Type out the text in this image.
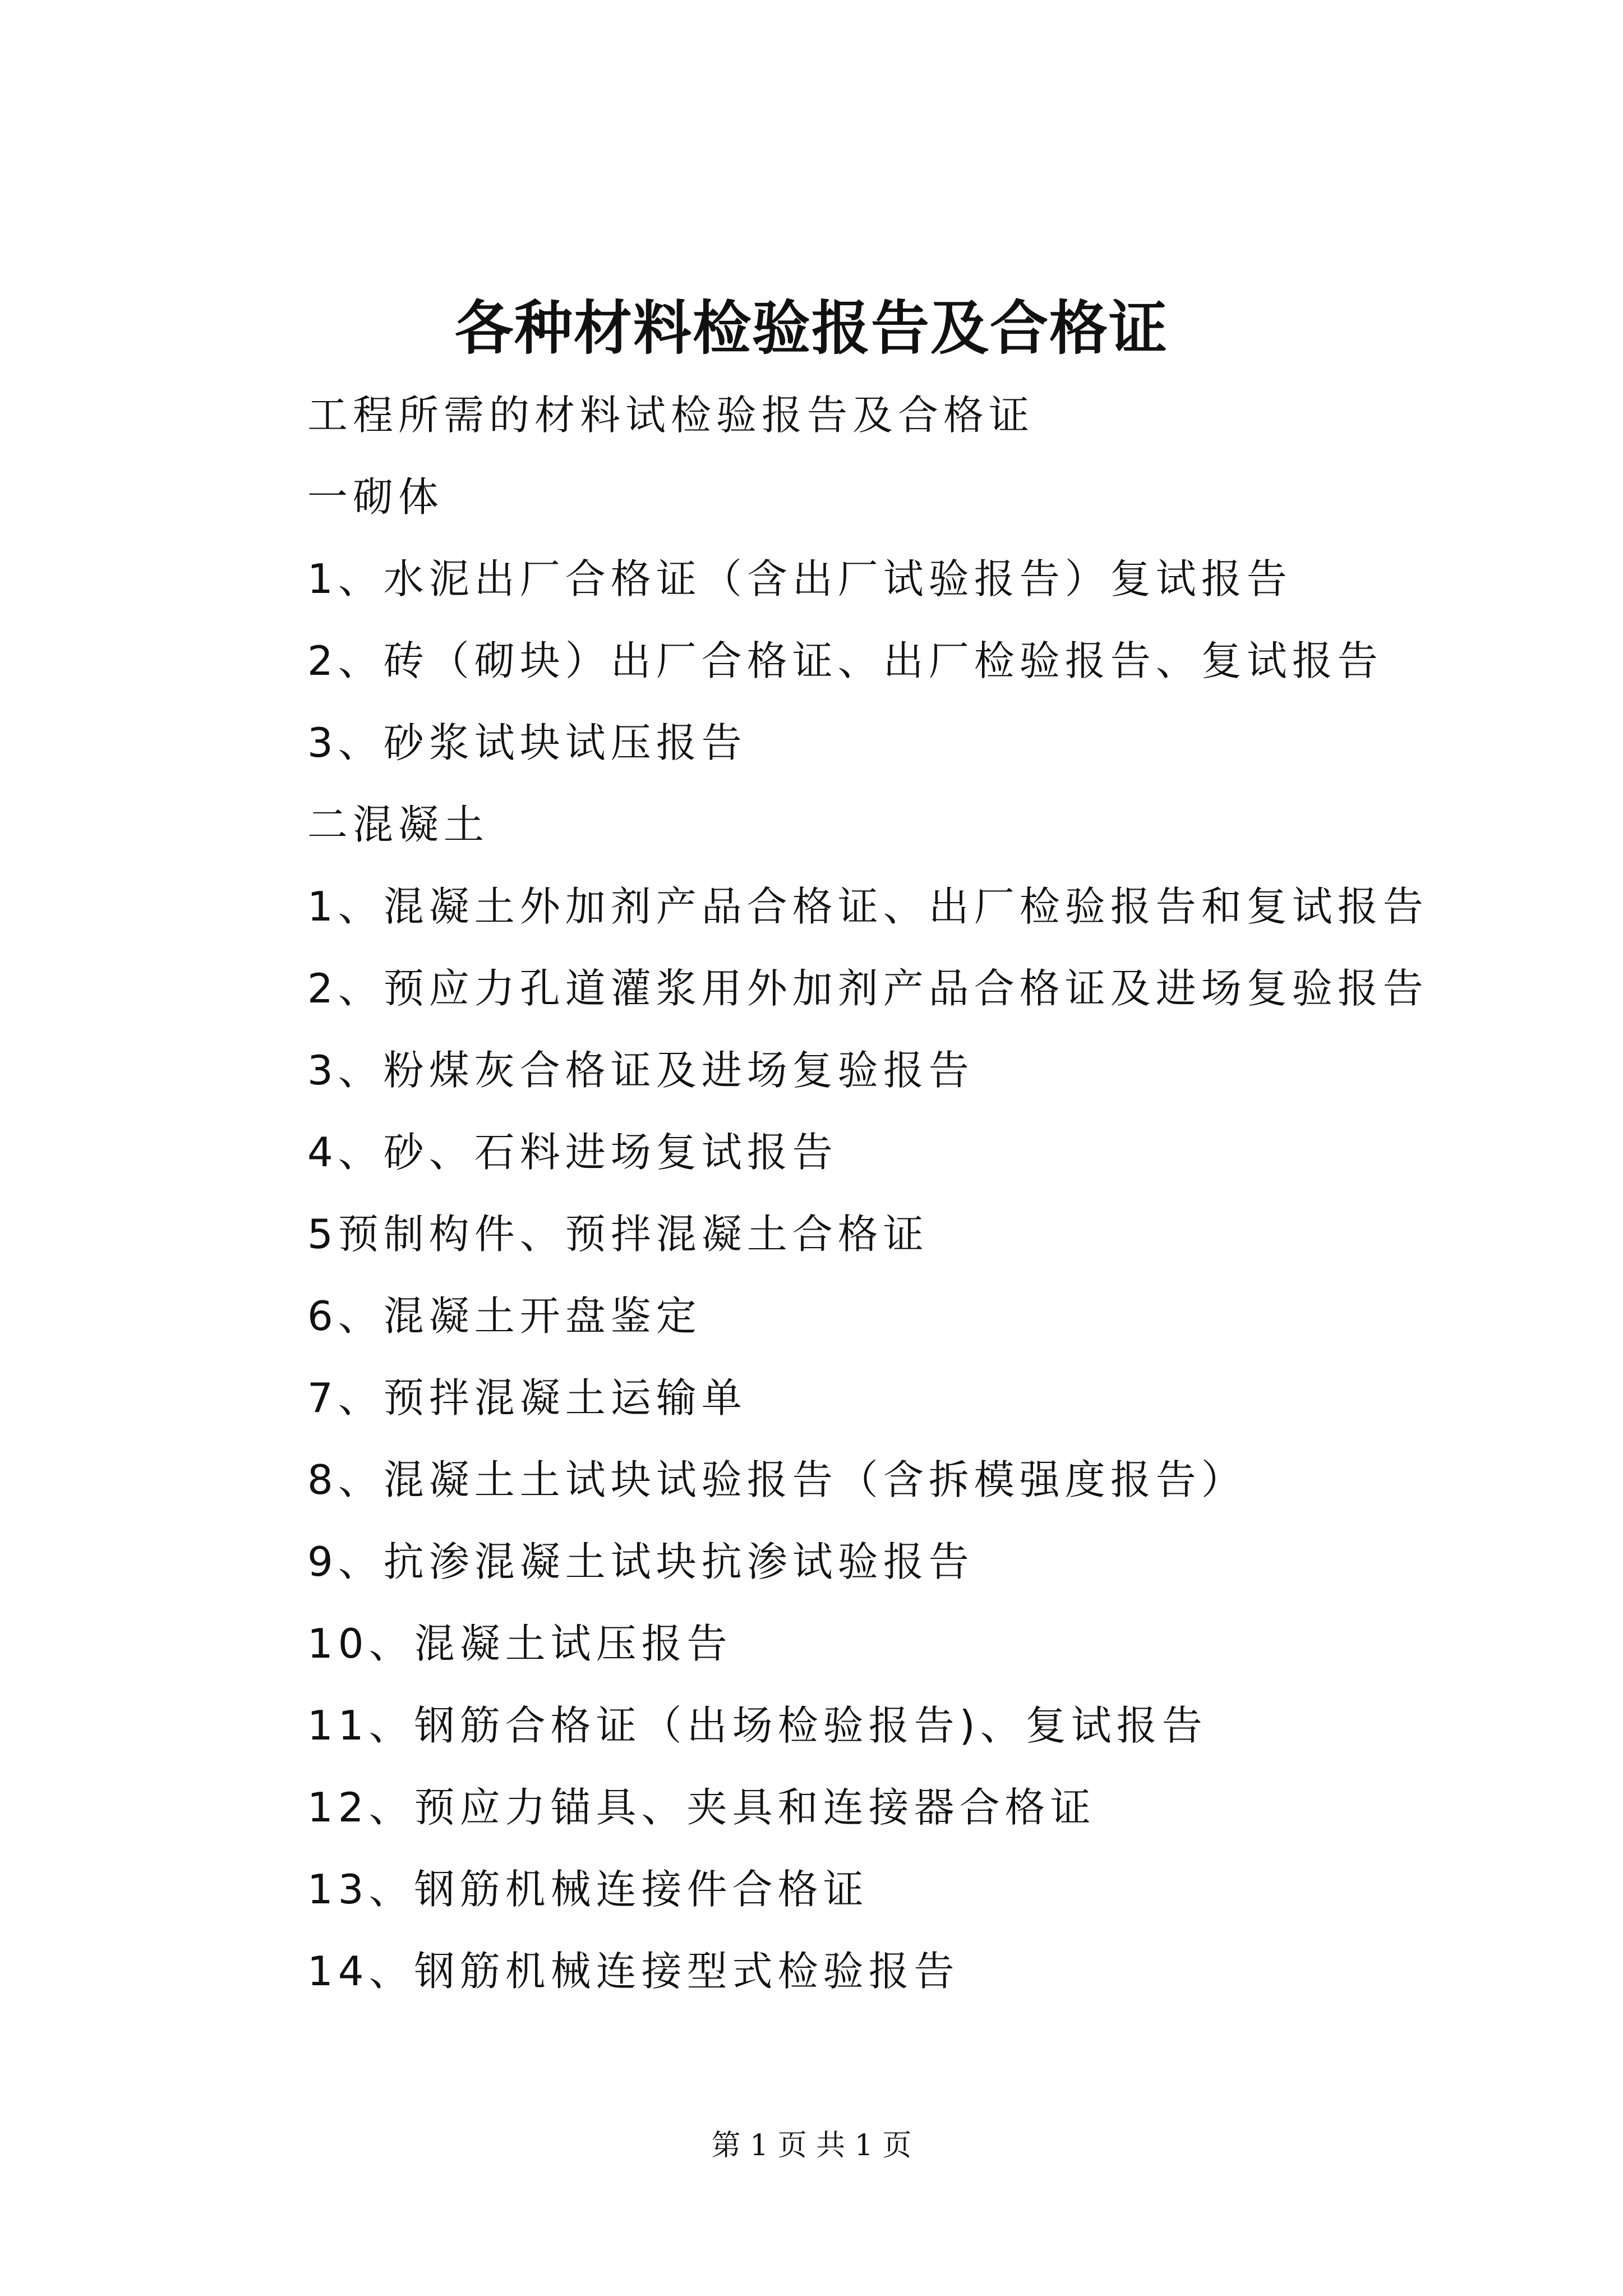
各种材料检验报告及合格证
工程所需的材料试检验报告及合格证
一砌体
1、水泥出厂合格证（含出厂试验报告）复试报告
2、砖（砌块）出厂合格证、出厂检验报告、复试报告
3、砂浆试块试压报告
二混凝土
1、混凝土外加剂产品合格证、出厂检验报告和复试报告
2、预应力孔道灌浆用外加剂产品合格证及进场复验报告
3、粉煤灰合格证及进场复验报告
4、砂、石料进场复试报告
5预制构件、预拌混凝土合格证
6、混凝土开盘鉴定
7、预拌混凝土运输单
8、混凝土土试块试验报告（含拆模强度报告）
9、抗渗混凝土试块抗渗试验报告
10、混凝土试压报告
11、钢筋合格证（出场检验报告)、复试报告
12、预应力锚具、夹具和连接器合格证
13、钢筋机械连接件合格证
14、钢筋机械连接型式检验报告
第 1 页 共 1 页
